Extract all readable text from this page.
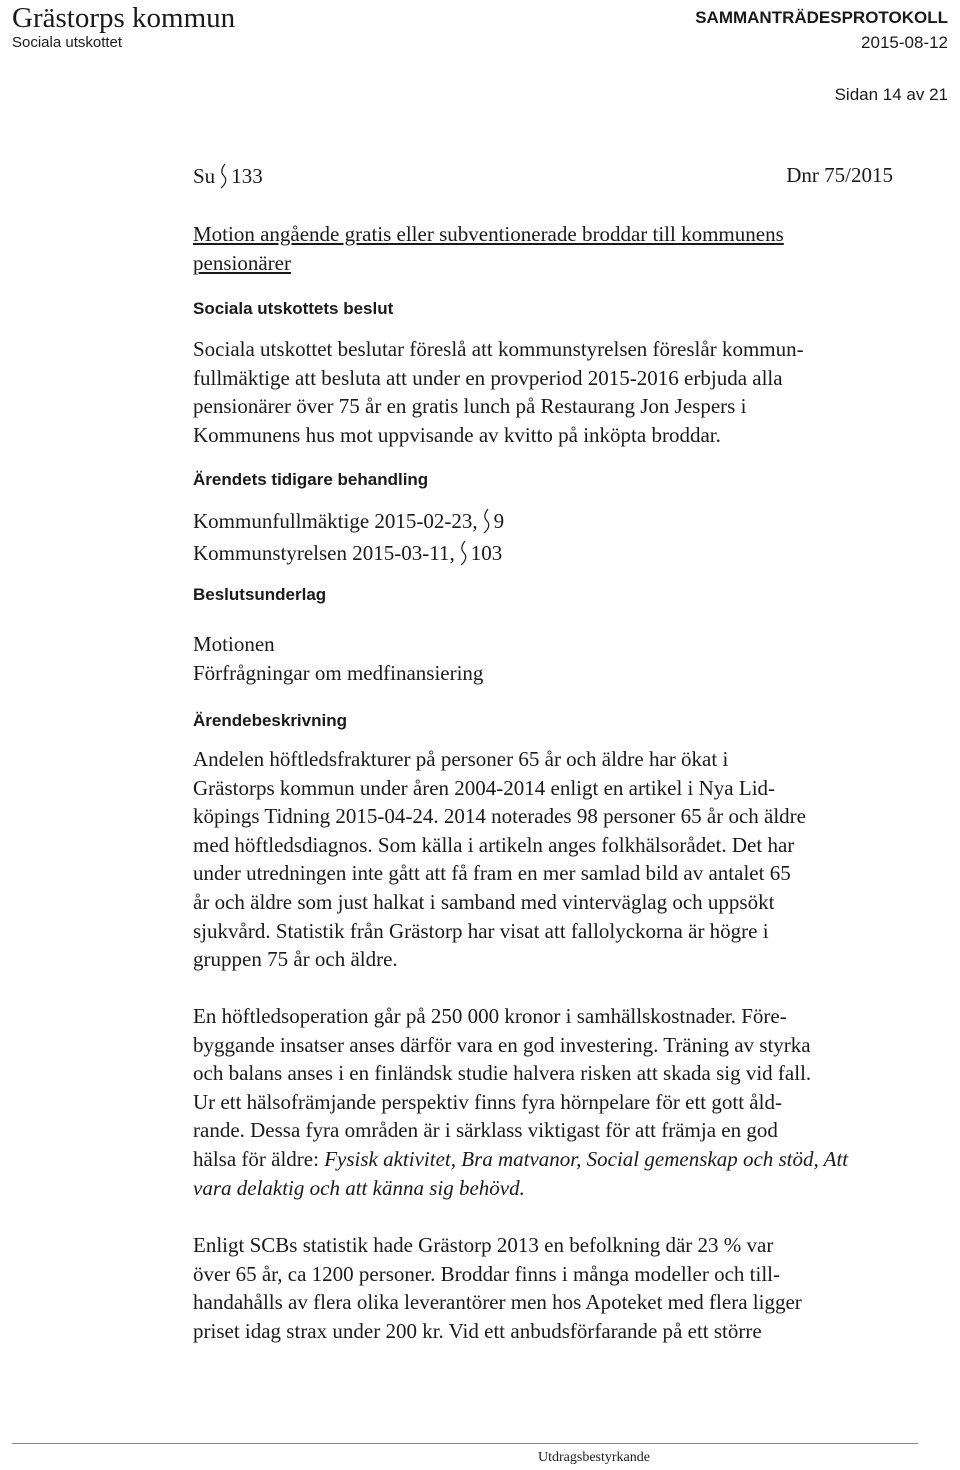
Grästorps kommun
Sociala utskottet
SAMMANTRÄDESPROTOKOLL
2015-08-12
Sidan 14 av 21
Su 133	Dnr 75/2015
Motion angående gratis eller subventionerade broddar till kommunens
pensionärer
Sociala utskottets beslut
Sociala utskottet beslutar föreslå att kommunstyrelsen föreslår kommun-
fullmäktige att besluta att under en provperiod 2015-2016 erbjuda alla
pensionärer över 75 år en gratis lunch på Restaurang Jon Jespers i
Kommunens hus mot uppvisande av kvitto på inköpta broddar.
Ärendets tidigare behandling
Kommunfullmäktige 2015-02-23, 9
Kommunstyrelsen 2015-03-11, 103
Beslutsunderlag
Motionen
Förfrågningar om medfinansiering
Ärendebeskrivning
Andelen höftledsfrakturer på personer 65 år och äldre har ökat i
Grästorps kommun under åren 2004-2014 enligt en artikel i Nya Lid-
köpings Tidning 2015-04-24. 2014 noterades 98 personer 65 år och äldre
med höftledsdiagnos. Som källa i artikeln anges folkhälsorådet. Det har
under utredningen inte gått att få fram en mer samlad bild av antalet 65
år och äldre som just halkat i samband med vinterväglag och uppsökt
sjukvård. Statistik från Grästorp har visat att fallolyckorna är högre i
gruppen 75 år och äldre.
En höftledsoperation går på 250 000 kronor i samhällskostnader. Före-
byggande insatser anses därför vara en god investering. Träning av styrka
och balans anses i en finländsk studie halvera risken att skada sig vid fall.
Ur ett hälsofrämjande perspektiv finns fyra hörnpelare för ett gott åld-
rande. Dessa fyra områden är i särklass viktigast för att främja en god
hälsa för äldre: Fysisk aktivitet, Bra matvanor, Social gemenskap och stöd, Att
vara delaktig och att känna sig behövd.
Enligt SCBs statistik hade Grästorp 2013 en befolkning där 23 % var
över 65 år, ca 1200 personer. Broddar finns i många modeller och till-
handahålls av flera olika leverantörer men hos Apoteket med flera ligger
priset idag strax under 200 kr. Vid ett anbudsförfarande på ett större
Utdragsbestyrkande
